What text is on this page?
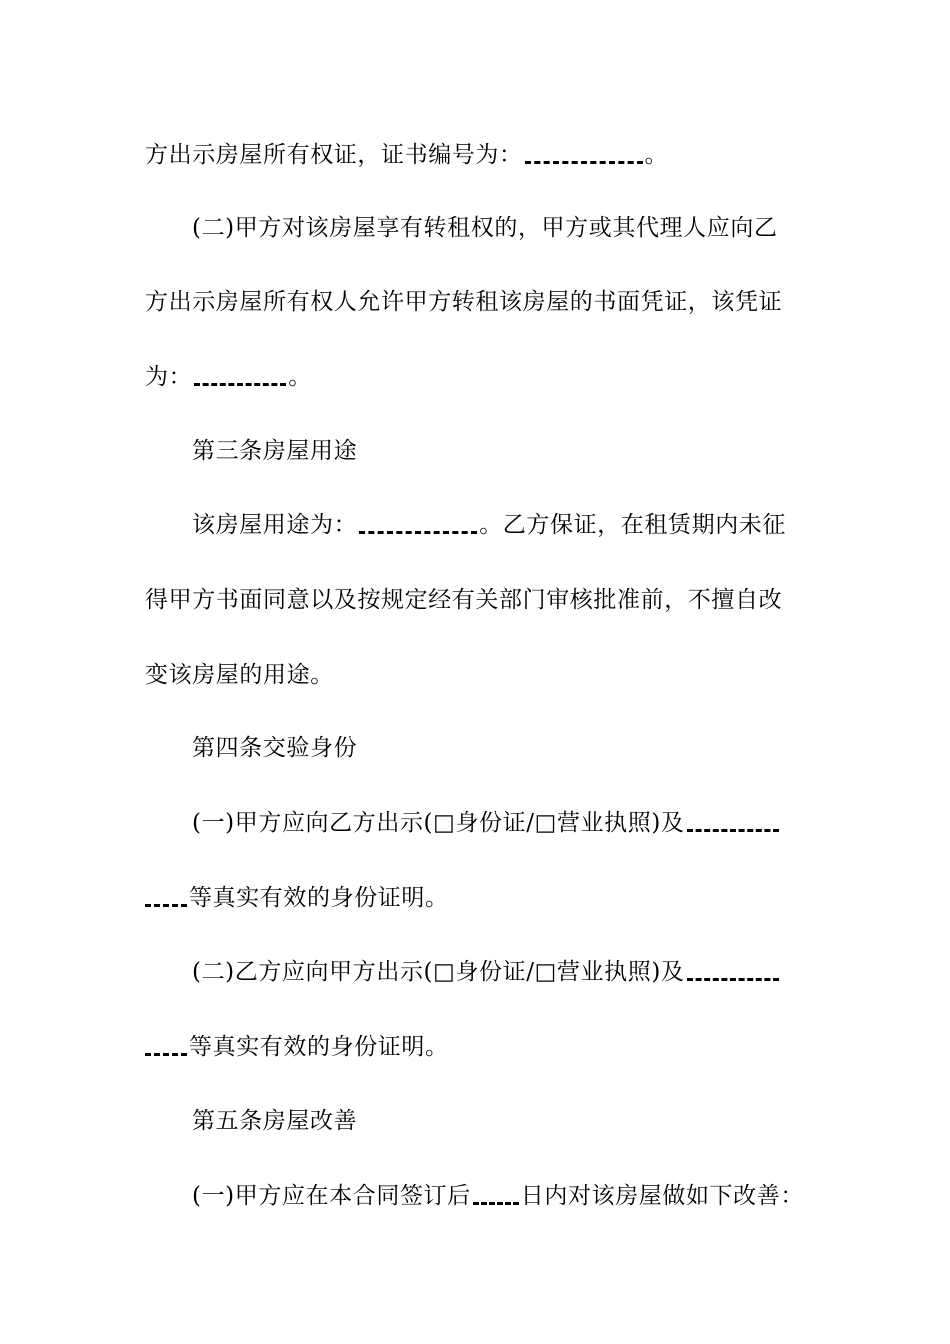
方出示房屋所有权证，证书编号为：	。
(二)甲方对该房屋享有转租权的，甲方或其代理人应向乙
方出示房屋所有权人允许甲方转租该房屋的书面凭证，该凭证
为：	。
第三条房屋用途
该房屋用途为：	。乙方保证，在租赁期内未征
得甲方书面同意以及按规定经有关部门审核批准前，不擅自改
变该房屋的用途。
第四条交验身份
(一)甲方应向乙方出示(□身份证/□营业执照)及
等真实有效的身份证明。
(二)乙方应向甲方出示(□身份证/□营业执照)及
等真实有效的身份证明。
第五条房屋改善
(一)甲方应在本合同签订后 日内对该房屋做如下改善：
